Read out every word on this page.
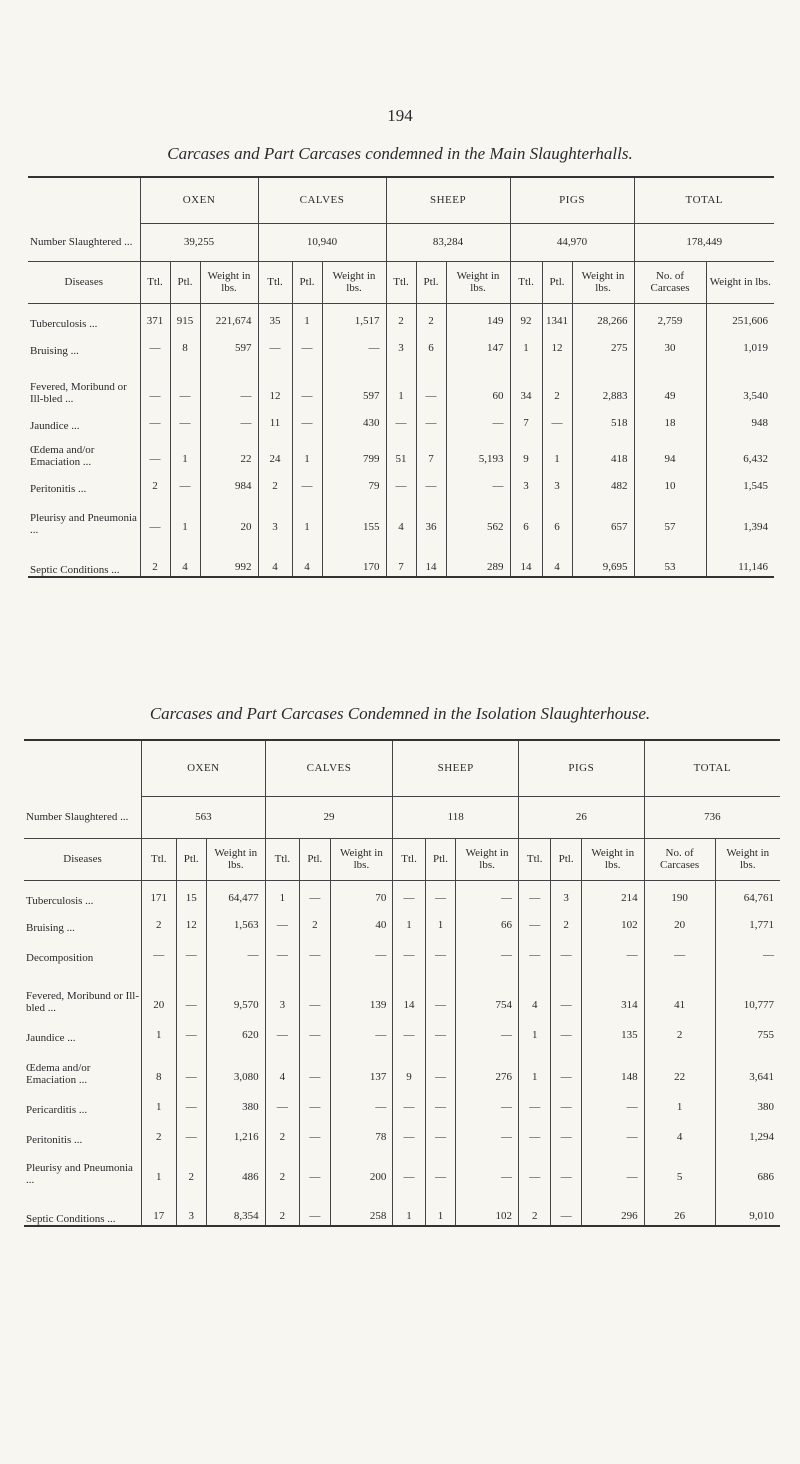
194
Carcases and Part Carcases condemned in the Main Slaughterhalls.
	OXEN			CALVES			SHEEP			PIGS			TOTAL	
Number Slaughtered ...	39,255			10,940			83,284			44,970			178,449	
Diseases	Ttl.	Ptl.	Weight in lbs.	Ttl.	Ptl.	Weight in lbs.	Ttl.	Ptl.	Weight in lbs.	Ttl.	Ptl.	Weight in lbs.	No. of Carcases	Weight in lbs.
Tuberculosis ...	371	915	221,674	35	1	1,517	2	2	149	92	1341	28,266	2,759	251,606
Bruising ...	—	8	597	—	—	—	3	6	147	1	12	275	30	1,019
Fevered, Moribund or Ill-bled ...	—	—	—	12	—	597	1	—	60	34	2	2,883	49	3,540
Jaundice ...	—	—	—	11	—	430	—	—	—	7	—	518	18	948
Œdema and/or Emaciation ...	—	1	22	24	1	799	51	7	5,193	9	1	418	94	6,432
Peritonitis ...	2	—	984	2	—	79	—	—	—	3	3	482	10	1,545
Pleurisy and Pneumonia ...	—	1	20	3	1	155	4	36	562	6	6	657	57	1,394
Septic Conditions ...	2	4	992	4	4	170	7	14	289	14	4	9,695	53	11,146
Carcases and Part Carcases Condemned in the Isolation Slaughterhouse.
	OXEN			CALVES			SHEEP			PIGS			TOTAL	
Number Slaughtered ...	563			29			118			26			736	
Diseases	Ttl.	Ptl.	Weight in lbs.	Ttl.	Ptl.	Weight in lbs.	Ttl.	Ptl.	Weight in lbs.	Ttl.	Ptl.	Weight in lbs.	No. of Carcases	Weight in lbs.
Tuberculosis ...	171	15	64,477	1	—	70	—	—	—	—	3	214	190	64,761
Bruising ...	2	12	1,563	—	2	40	1	1	66	—	2	102	20	1,771
Decomposition	—	—	—	—	—	—	—	—	—	—	—	—	—	—
Fevered, Moribund or Ill-bled ...	20	—	9,570	3	—	139	14	—	754	4	—	314	41	10,777
Jaundice ...	1	—	620	—	—	—	—	—	—	1	—	135	2	755
Œdema and/or Emaciation ...	8	—	3,080	4	—	137	9	—	276	1	—	148	22	3,641
Pericarditis ...	1	—	380	—	—	—	—	—	—	—	—	—	1	380
Peritonitis ...	2	—	1,216	2	—	78	—	—	—	—	—	—	4	1,294
Pleurisy and Pneumonia ...	1	2	486	2	—	200	—	—	—	—	—	—	5	686
Septic Conditions ...	17	3	8,354	2	—	258	1	1	102	2	—	296	26	9,010
